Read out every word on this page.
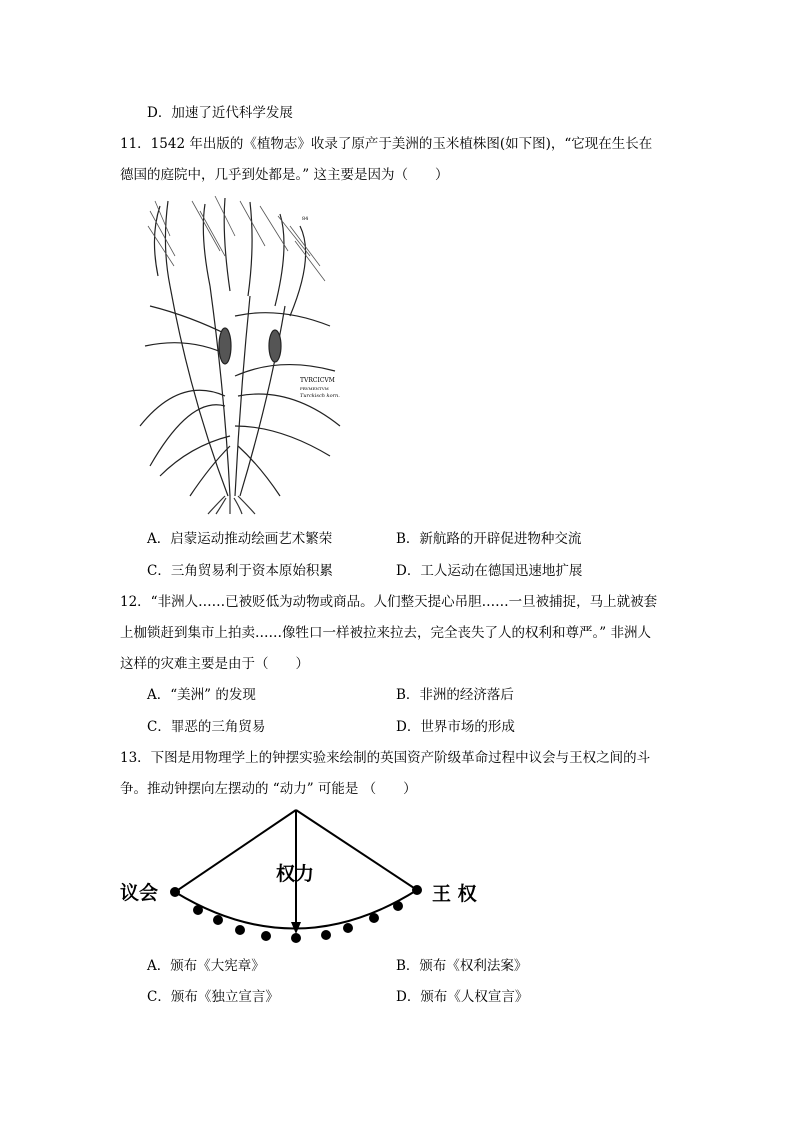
D．加速了近代科学发展
11．1542 年出版的《植物志》收录了原产于美洲的玉米植株图(如下图)，“它现在生长在
德国的庭院中，几乎到处都是。” 这主要是因为（　　）
TVRCICVM
FRVMENTVM
Turckisch korn.
84
A．启蒙运动推动绘画艺术繁荣	B．新航路的开辟促进物种交流
C．三角贸易利于资本原始积累	D．工人运动在德国迅速地扩展
12．“非洲人……已被贬低为动物或商品。人们整天提心吊胆……一旦被捕捉，马上就被套
上枷锁赶到集市上拍卖……像牲口一样被拉来拉去，完全丧失了人的权利和尊严。” 非洲人
这样的灾难主要是由于（　　）
A．“美洲” 的发现	B．非洲的经济落后
C．罪恶的三角贸易	D．世界市场的形成
13．下图是用物理学上的钟摆实验来绘制的英国资产阶级革命过程中议会与王权之间的斗
争。推动钟摆向左摆动的 “动力” 可能是 （　　）
议会	王 权
权力
A．颁布《大宪章》	B．颁布《权利法案》
C．颁布《独立宣言》	D．颁布《人权宣言》
